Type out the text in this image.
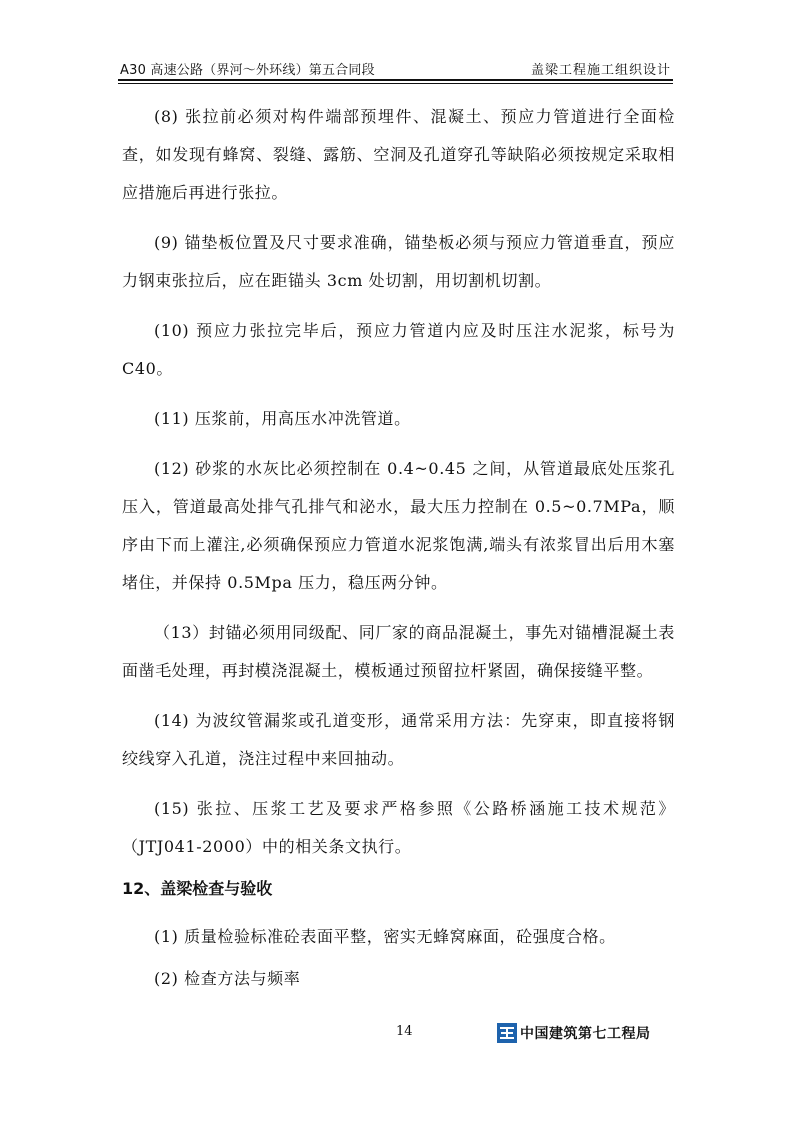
A30 高速公路（界河～外环线）第五合同段	盖梁工程施工组织设计

(8) 张拉前必须对构件端部预埋件、混凝土、预应力管道进行全面检查，如发现有蜂窝、裂缝、露筋、空洞及孔道穿孔等缺陷必须按规定采取相应措施后再进行张拉。

(9) 锚垫板位置及尺寸要求准确，锚垫板必须与预应力管道垂直，预应力钢束张拉后，应在距锚头 3cm 处切割，用切割机切割。

(10) 预应力张拉完毕后，预应力管道内应及时压注水泥浆，标号为 C40。

(11) 压浆前，用高压水冲洗管道。

(12) 砂浆的水灰比必须控制在 0.4~0.45 之间，从管道最底处压浆孔压入，管道最高处排气孔排气和泌水，最大压力控制在 0.5~0.7MPa，顺序由下而上灌注,必须确保预应力管道水泥浆饱满,端头有浓浆冒出后用木塞堵住，并保持 0.5Mpa 压力，稳压两分钟。

（13）封锚必须用同级配、同厂家的商品混凝土，事先对锚槽混凝土表面凿毛处理，再封模浇混凝土，模板通过预留拉杆紧固，确保接缝平整。

(14) 为波纹管漏浆或孔道变形，通常采用方法：先穿束，即直接将钢绞线穿入孔道，浇注过程中来回抽动。

(15) 张拉、压浆工艺及要求严格参照《公路桥涵施工技术规范》（JTJ041-2000）中的相关条文执行。

12、盖梁检查与验收

(1) 质量检验标准砼表面平整，密实无蜂窝麻面，砼强度合格。

(2) 检查方法与频率

14	中国建筑第七工程局
